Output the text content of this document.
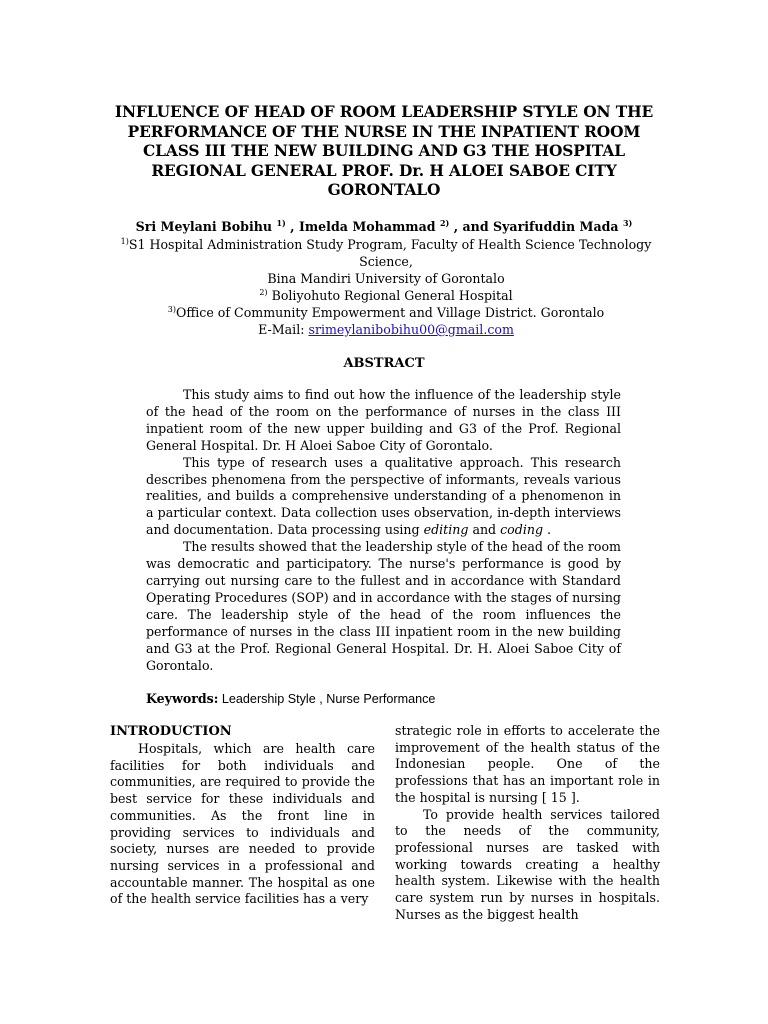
INFLUENCE OF HEAD OF ROOM LEADERSHIP STYLE ON THE PERFORMANCE OF THE NURSE IN THE INPATIENT ROOM CLASS III THE NEW BUILDING AND G3 THE HOSPITAL REGIONAL GENERAL PROF. Dr. H ALOEI SABOE CITY GORONTALO
Sri Meylani Bobihu $^{1)}$ , Imelda Mohammad $^{2)}$ , and Syarifuddin Mada $^{3)}$
$^{1)}$S1 Hospital Administration Study Program, Faculty of Health Science Technology
Science,
Bina Mandiri University of Gorontalo
$^{2)}$ Boliyohuto Regional General Hospital
$^{3)}$Office of Community Empowerment and Village District. Gorontalo
E-Mail: srimeylanibobihu00@gmail.com
ABSTRACT

This study aims to find out how the influence of the leadership style of the head of the room on the performance of nurses in the class III inpatient room of the new upper building and G3 of the Prof. Regional General Hospital. Dr. H Aloei Saboe City of Gorontalo.

This type of research uses a qualitative approach. This research describes phenomena from the perspective of informants, reveals various realities, and builds a comprehensive understanding of a phenomenon in a particular context. Data collection uses observation, in-depth interviews and documentation. Data processing using editing and coding .

The results showed that the leadership style of the head of the room was democratic and participatory. The nurse's performance is good by carrying out nursing care to the fullest and in accordance with Standard Operating Procedures (SOP) and in accordance with the stages of nursing care. The leadership style of the head of the room influences the performance of nurses in the class III inpatient room in the new building and G3 at the Prof. Regional General Hospital. Dr. H. Aloei Saboe City of Gorontalo.

Keywords: Leadership Style , Nurse Performance
INTRODUCTION

Hospitals, which are health care facilities for both individuals and communities, are required to provide the best service for these individuals and communities. As the front line in providing services to individuals and society, nurses are needed to provide nursing services in a professional and accountable manner. The hospital as one of the health service facilities has a very

strategic role in efforts to accelerate the improvement of the health status of the Indonesian people. One of the professions that has an important role in the hospital is nursing [ 15 ].

To provide health services tailored to the needs of the community, professional nurses are tasked with working towards creating a healthy health system. Likewise with the health care system run by nurses in hospitals. Nurses as the biggest health
